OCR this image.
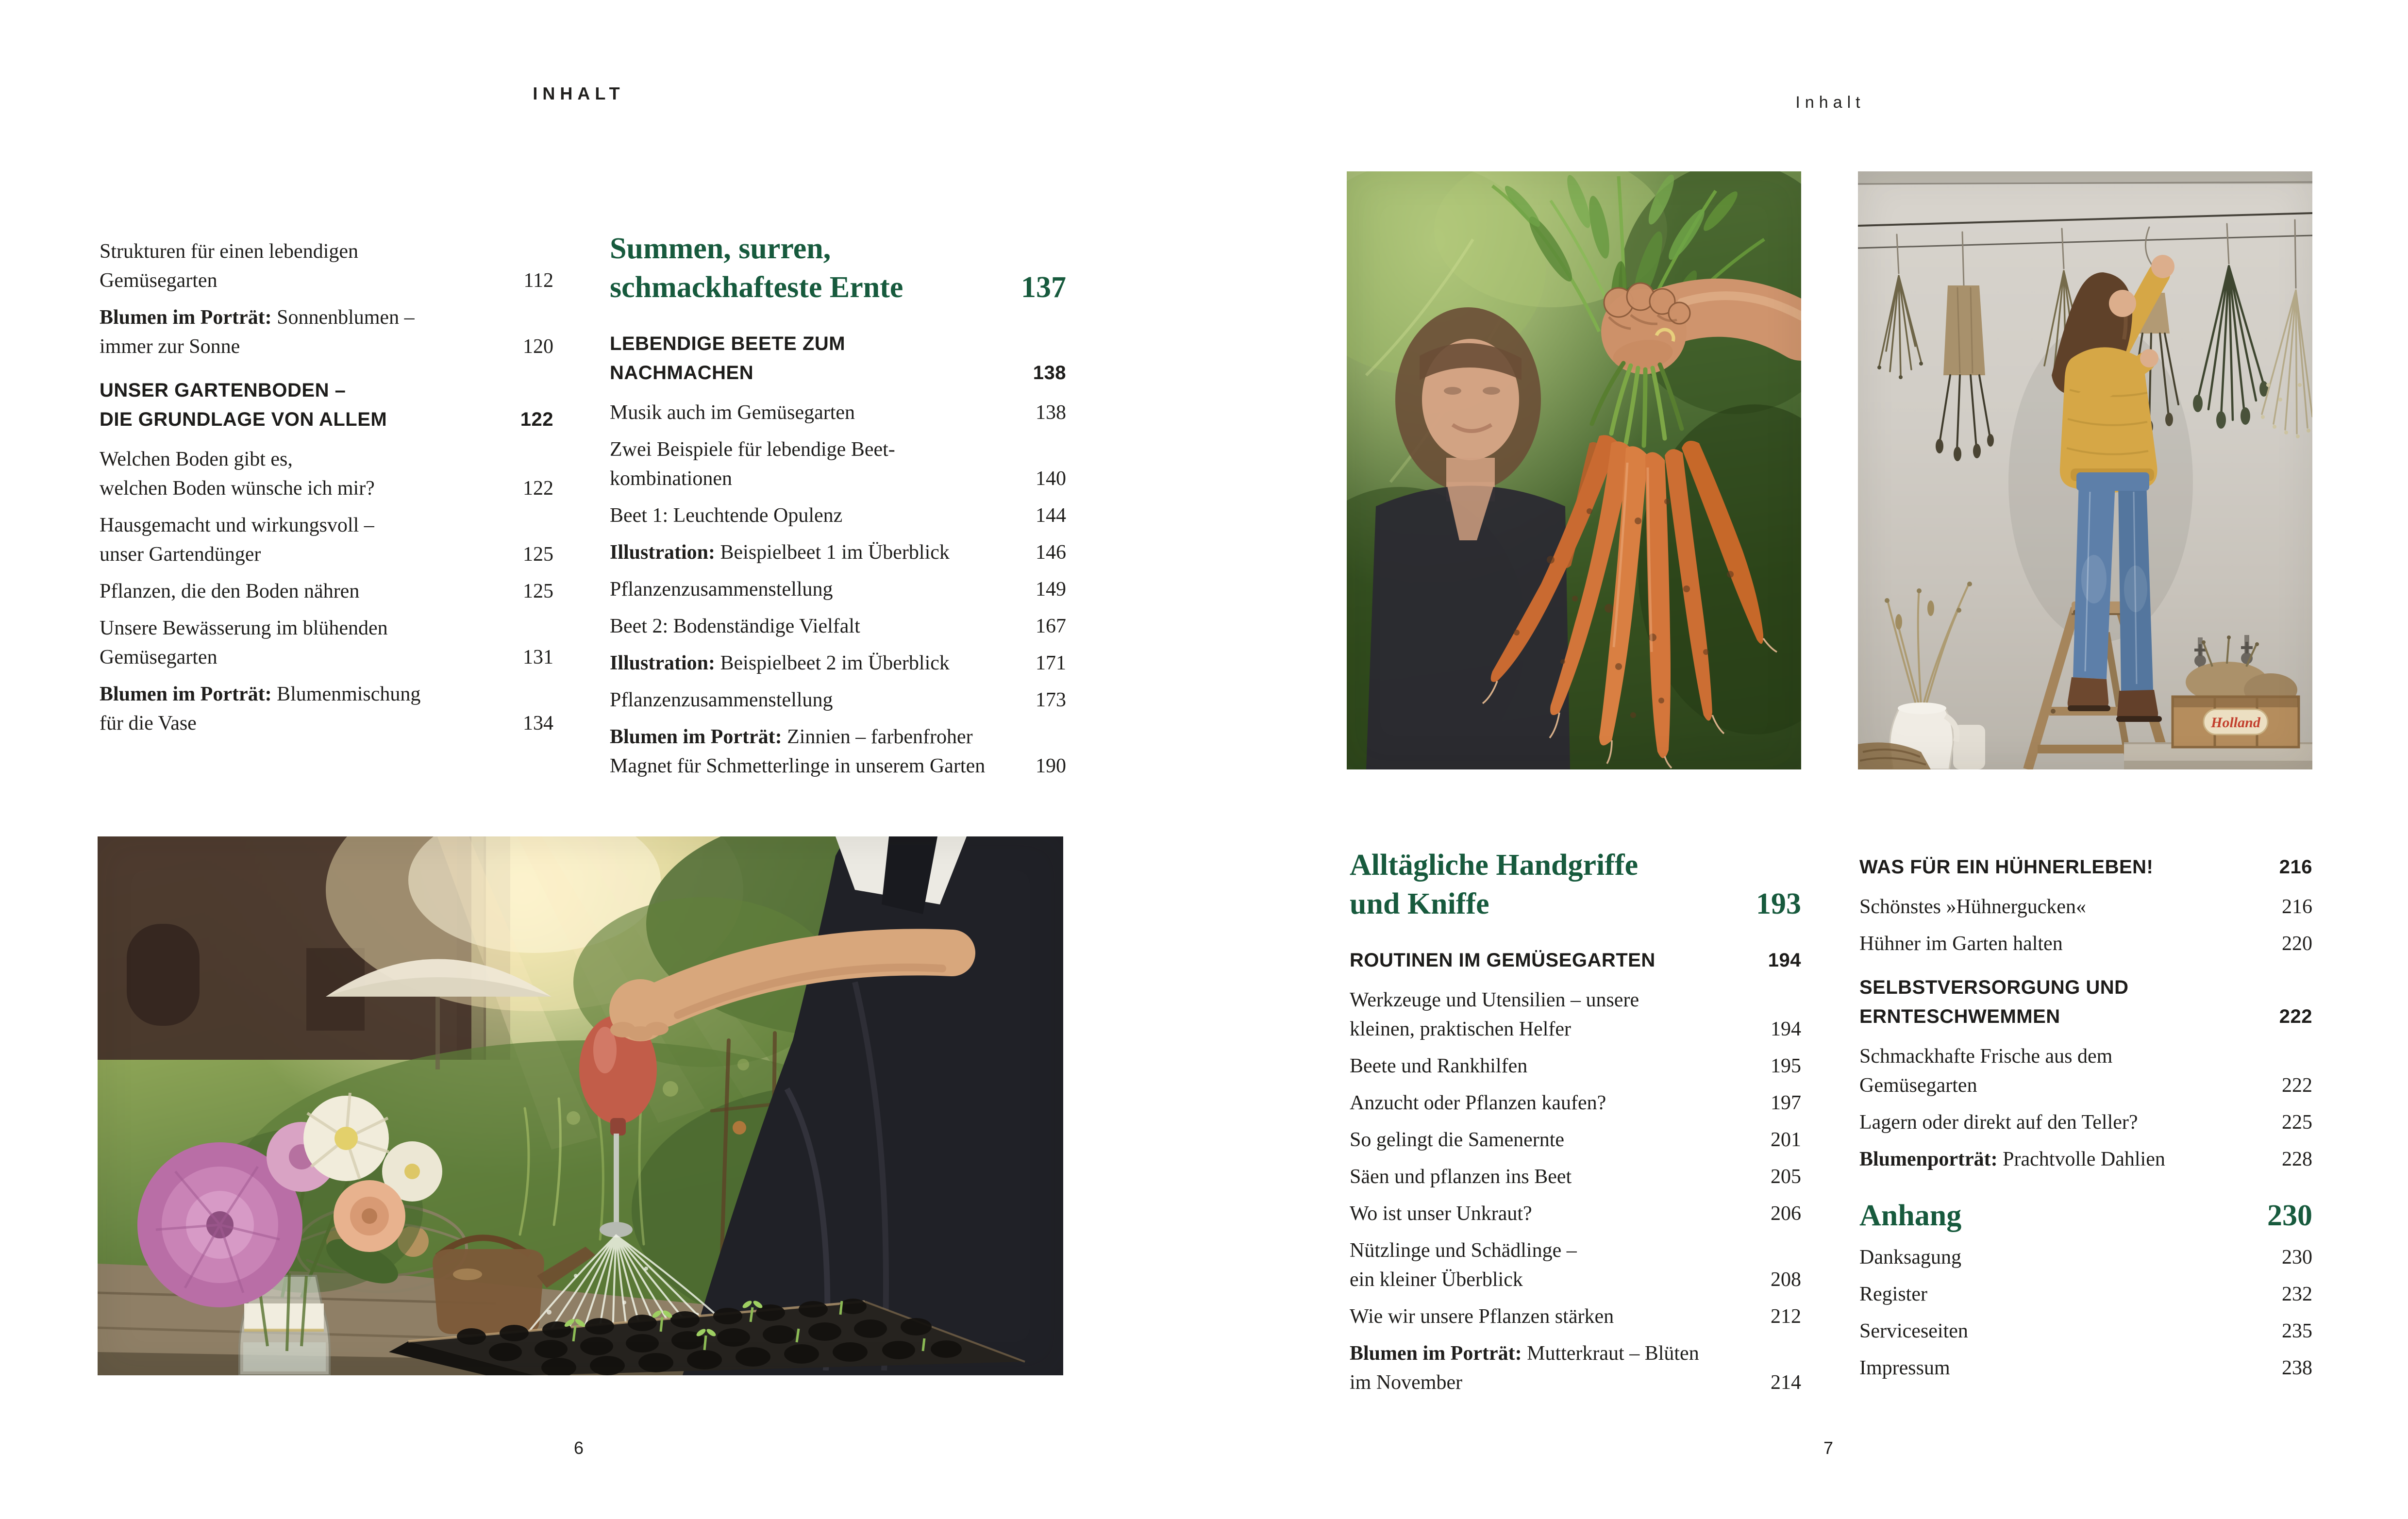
INHALT	Inhalt
Strukturen für einen lebendigen
Gemüsegarten	112
Blumen im Porträt: Sonnenblumen –
immer zur Sonne	120
UNSER GARTENBODEN –
DIE GRUNDLAGE VON ALLEM	122
Welchen Boden gibt es,
welchen Boden wünsche ich mir?	122
Hausgemacht und wirkungsvoll –
unser Gartendünger	125
Pflanzen, die den Boden nähren	125
Unsere Bewässerung im blühenden
Gemüsegarten	131
Blumen im Porträt: Blumenmischung
für die Vase	134
Summen, surren,
schmackhafteste Ernte	137
LEBENDIGE BEETE ZUM
NACHMACHEN	138
Musik auch im Gemüsegarten	138
Zwei Beispiele für lebendige Beet-
kombinationen	140
Beet 1: Leuchtende Opulenz	144
Illustration: Beispielbeet 1 im Überblick	146
Pflanzenzusammenstellung	149
Beet 2: Bodenständige Vielfalt	167
Illustration: Beispielbeet 2 im Überblick	171
Pflanzenzusammenstellung	173
Blumen im Porträt: Zinnien – farbenfroher
Magnet für Schmetterlinge in unserem Garten 190
Alltägliche Handgriffe
und Kniffe	193
ROUTINEN IM GEMÜSEGARTEN	194
Werkzeuge und Utensilien – unsere
kleinen, praktischen Helfer	194
Beete und Rankhilfen	195
Anzucht oder Pflanzen kaufen?	197
So gelingt die Samenernte	201
Säen und pflanzen ins Beet	205
Wo ist unser Unkraut?	206
Nützlinge und Schädlinge –
ein kleiner Überblick	208
Wie wir unsere Pflanzen stärken	212
Blumen im Porträt: Mutterkraut – Blüten
im November	214
WAS FÜR EIN HÜHNERLEBEN!	216
Schönstes »Hühnergucken«	216
Hühner im Garten halten	220
SELBSTVERSORGUNG UND
ERNTESCHWEMMEN	222
Schmackhafte Frische aus dem
Gemüsegarten	222
Lagern oder direkt auf den Teller?	225
Blumenporträt: Prachtvolle Dahlien	228
Anhang	230
Danksagung	230
Register	232
Serviceseiten	235
Impressum	238
Holland
6	7
